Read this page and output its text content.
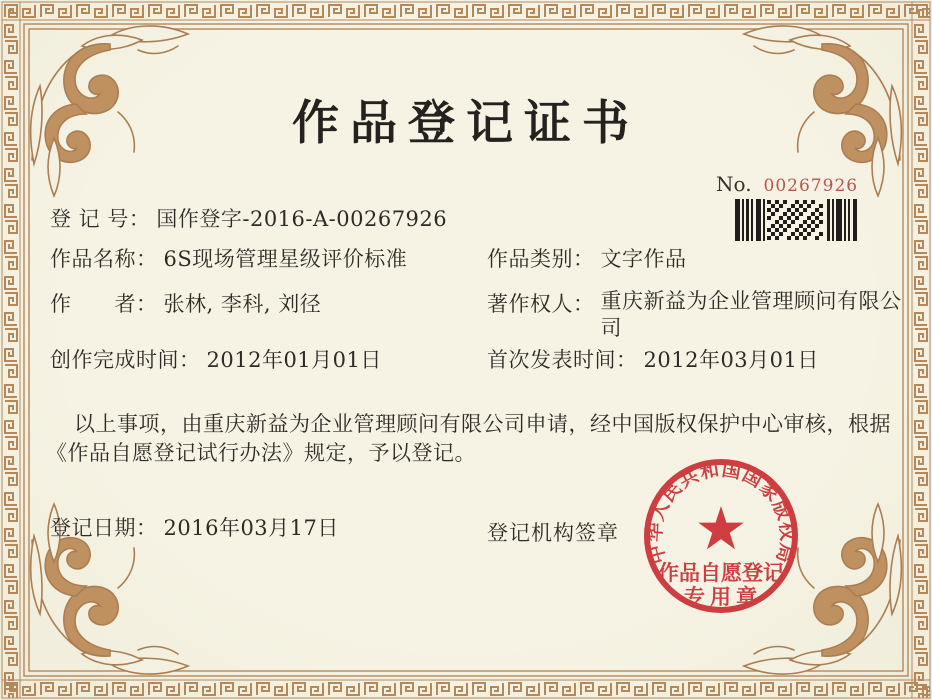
作品登记证书
No. 00267926
登 记 号： 国作登字-2016-A-00267926
作品名称： 6S现场管理星级评价标准	作品类别： 文字作品
作　　者： 张林, 李科, 刘径	著作权人： 重庆新益为企业管理顾问有限公司
创作完成时间： 2012年01月01日	首次发表时间： 2012年03月01日

以上事项，由重庆新益为企业管理顾问有限公司申请，经中国版权保护中心审核，根据《作品自愿登记试行办法》规定，予以登记。

登记日期： 2016年03月17日	登记机构签章
中华人民共和国国家版权局
作品自愿登记
专用章
